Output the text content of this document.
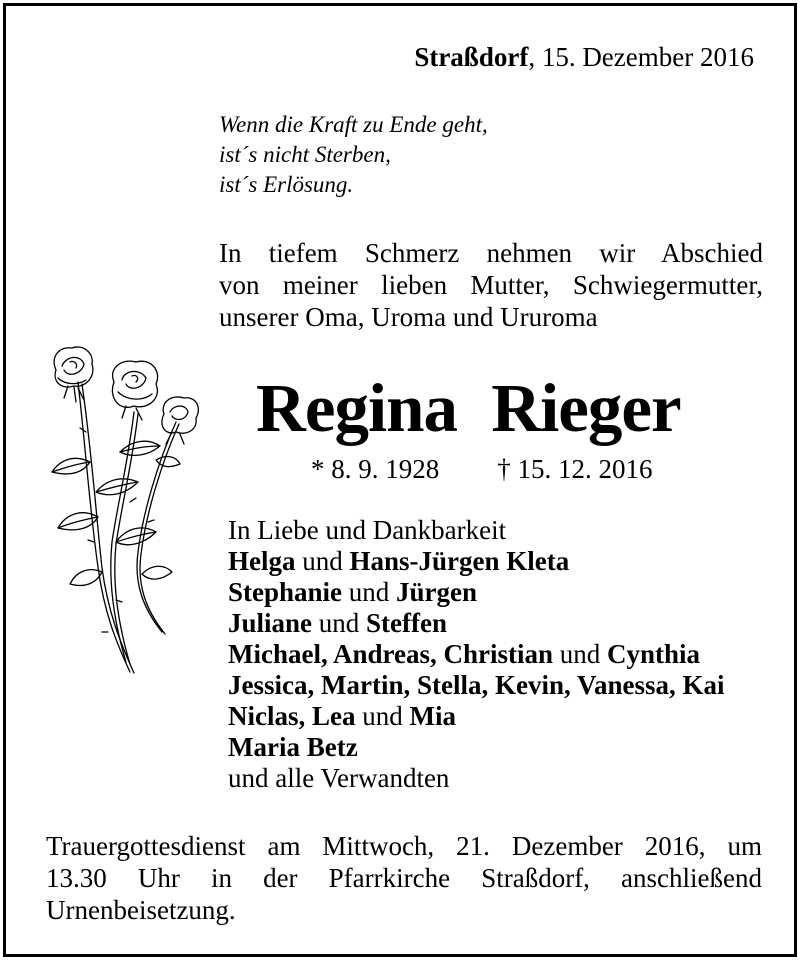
Straßdorf, 15. Dezember 2016
Wenn die Kraft zu Ende geht,
ist´s nicht Sterben,
ist´s Erlösung.
In tiefem Schmerz nehmen wir Abschied
von meiner lieben Mutter, Schwiegermutter,
unserer Oma, Uroma und Ururoma
Regina Rieger
* 8. 9. 1928 † 15. 12. 2016
In Liebe und Dankbarkeit
Helga und Hans-Jürgen Kleta
Stephanie und Jürgen
Juliane und Steffen
Michael, Andreas, Christian und Cynthia
Jessica, Martin, Stella, Kevin, Vanessa, Kai
Niclas, Lea und Mia
Maria Betz
und alle Verwandten
Trauergottesdienst am Mittwoch, 21. Dezember 2016, um
13.30 Uhr in der Pfarrkirche Straßdorf, anschließend
Urnenbeisetzung.
